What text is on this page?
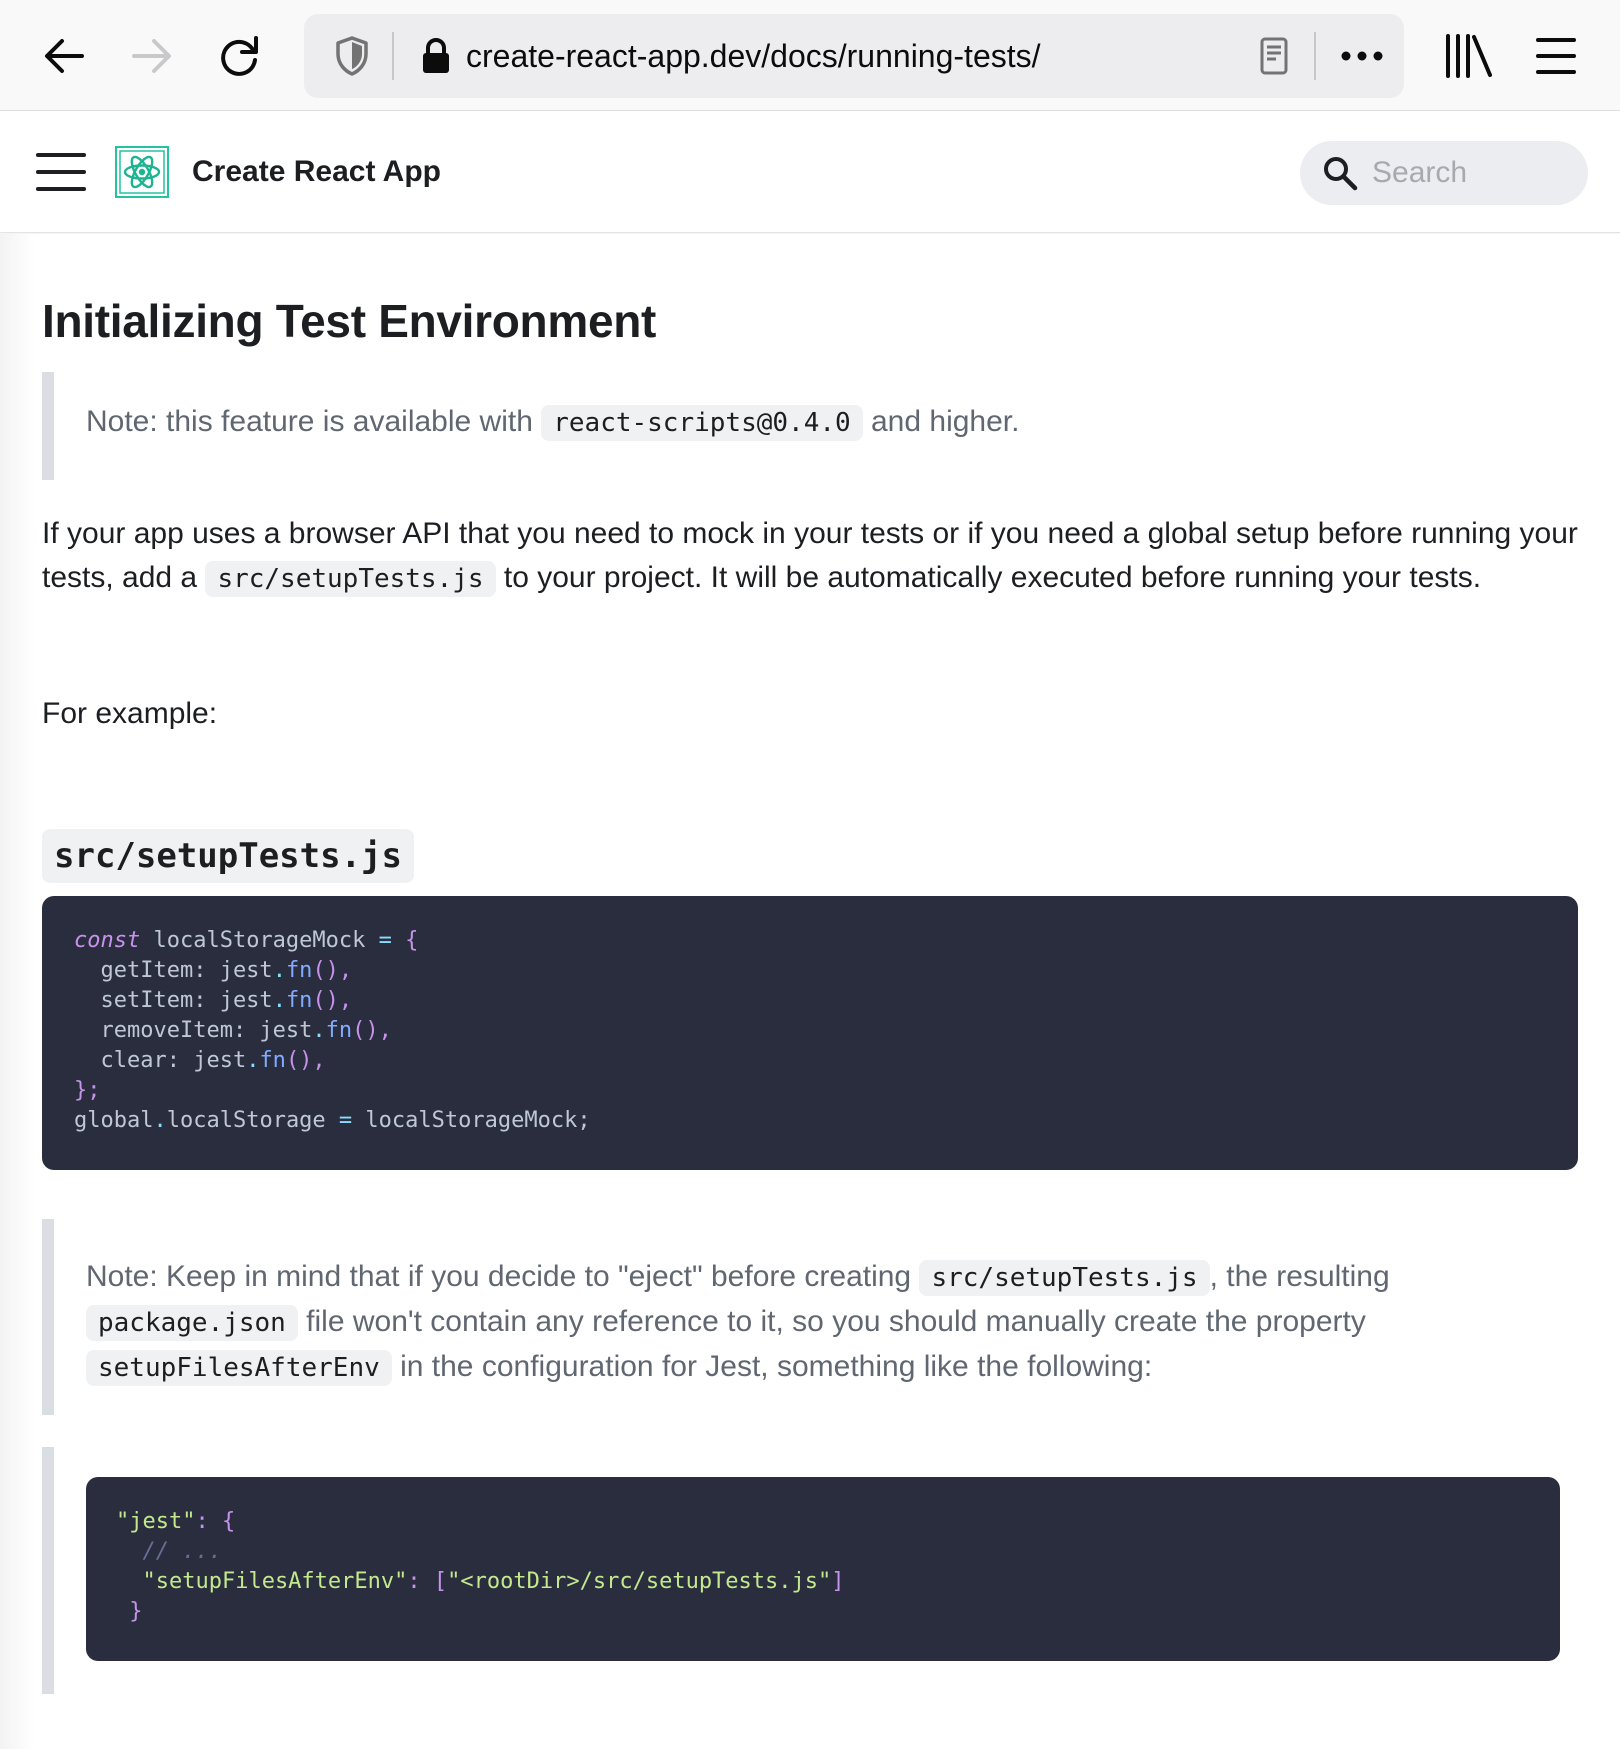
create-react-app.dev/docs/running-tests/
Create React App
Search
Initializing Test Environment
Note: this feature is available with react-scripts@0.4.0 and higher.

If your app uses a browser API that you need to mock in your tests or if you need a global setup before running your tests, add a src/setupTests.js to your project. It will be automatically executed before running your tests.

For example:

src/setupTests.js
const localStorageMock = {
getItem: jest.fn(),
setItem: jest.fn(),
removeItem: jest.fn(),
clear: jest.fn(),
};
global.localStorage = localStorageMock;
Note: Keep in mind that if you decide to "eject" before creating src/setupTests.js , the resulting package.json file won't contain any reference to it, so you should manually create the property setupFilesAfterEnv in the configuration for Jest, something like the following:
"jest": {
// ...
"setupFilesAfterEnv": ["<rootDir>/src/setupTests.js"]
}
